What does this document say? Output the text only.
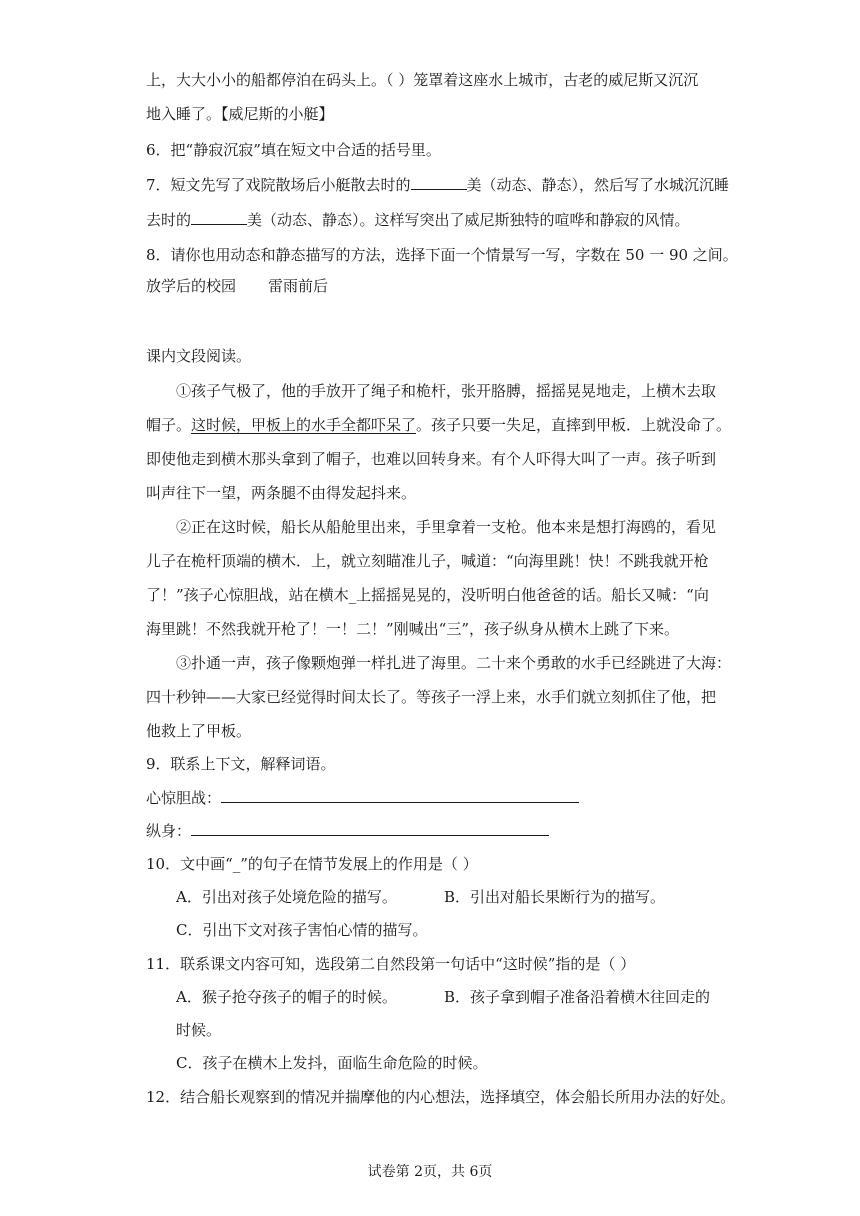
上，大大小小的船都停泊在码头上。（ ）笼罩着这座水上城市，古老的威尼斯又沉沉
地入睡了。【威尼斯的小艇】
6．把“静寂沉寂”填在短文中合适的括号里。
7．短文先写了戏院散场后小艇散去时的	美（动态、静态），然后写了水城沉沉睡
去时的	美（动态、静态）。这样写突出了威尼斯独特的喧哗和静寂的风情。
8．请你也用动态和静态描写的方法，选择下面一个情景写一写，字数在 50 一 90 之间。
放学后的校园 雷雨前后
课内文段阅读。
①孩子气极了，他的手放开了绳子和桅杆，张开胳膊，摇摇晃晃地走，上横木去取
帽子。这时候，甲板上的水手全都吓呆了。孩子只要一失足，直摔到甲板．上就没命了。
即使他走到横木那头拿到了帽子，也难以回转身来。有个人吓得大叫了一声。孩子听到
叫声往下一望，两条腿不由得发起抖来。
②正在这时候，船长从船舱里出来，手里拿着一支枪。他本来是想打海鸥的，看见
儿子在桅杆顶端的横木．上，就立刻瞄准儿子，喊道：“向海里跳！快！不跳我就开枪
了！”孩子心惊胆战，站在横木_上摇摇晃晃的，没听明白他爸爸的话。船长又喊：“向
海里跳！不然我就开枪了！一！二！”刚喊出“三”，孩子纵身从横木上跳了下来。
③扑通一声，孩子像颗炮弹一样扎进了海里。二十来个勇敢的水手已经跳进了大海：
四十秒钟——大家已经觉得时间太长了。等孩子一浮上来，水手们就立刻抓住了他，把
他救上了甲板。
9．联系上下文，解释词语。
心惊胆战：
纵身：
10．文中画“_”的句子在情节发展上的作用是（ ）
A．引出对孩子处境危险的描写。	B．引出对船长果断行为的描写。
C．引出下文对孩子害怕心情的描写。
11．联系课文内容可知，选段第二自然段第一句话中“这时候”指的是（ ）
A．猴子抢夺孩子的帽子的时候。	B．孩子拿到帽子准备沿着横木往回走的
时候。
C．孩子在横木上发抖，面临生命危险的时候。
12．结合船长观察到的情况并揣摩他的内心想法，选择填空，体会船长所用办法的好处。
试卷第 2页，共 6页
